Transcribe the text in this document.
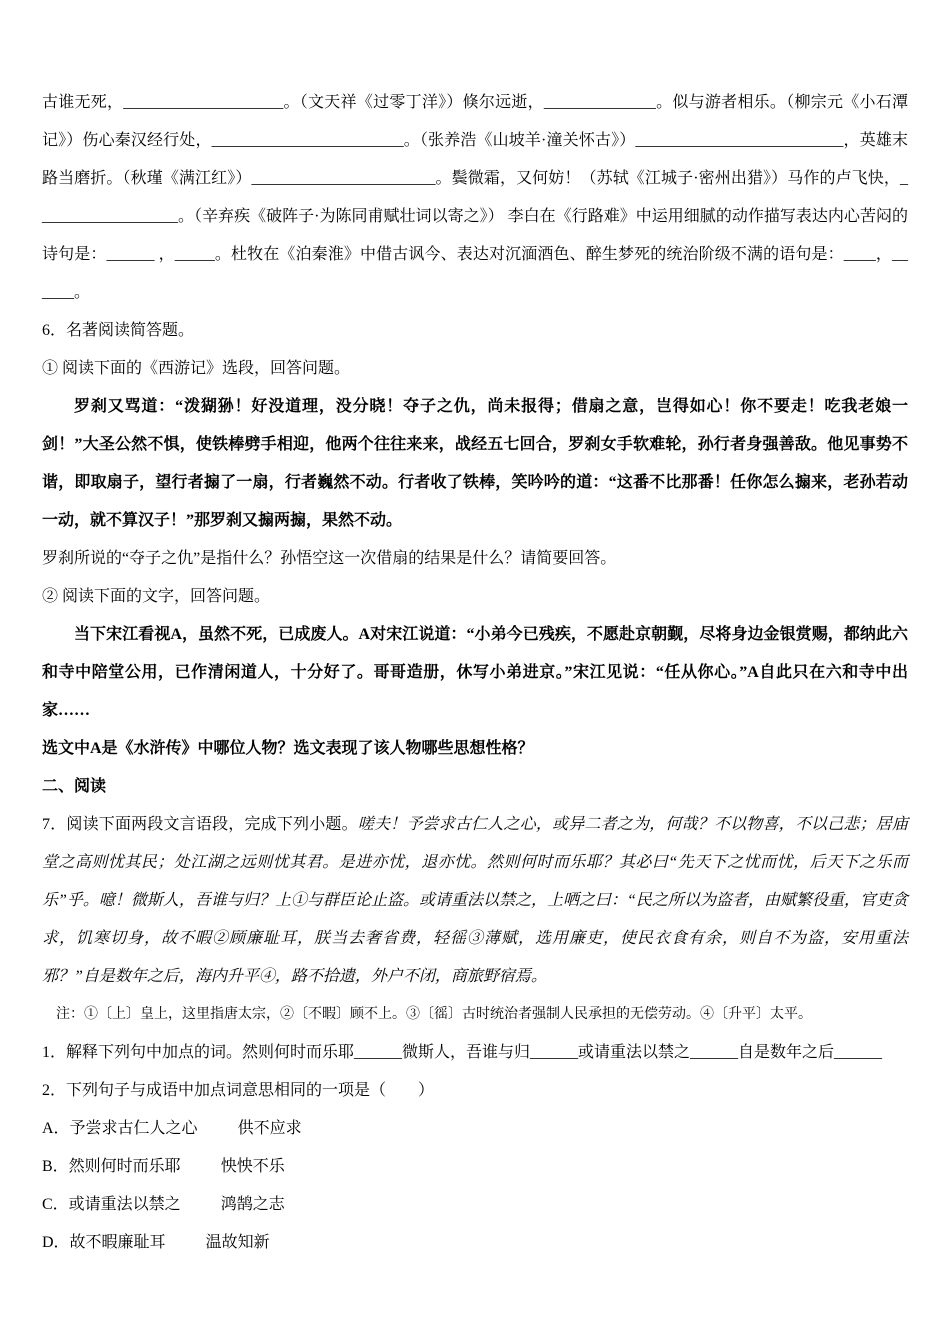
古谁无死，____________________。（文天祥《过零丁洋》）倏尔远逝，______________。似与游者相乐。（柳宗元《小石潭记》）伤心秦汉经行处，________________________。（张养浩《山坡羊·潼关怀古》）__________________________，英雄末路当磨折。（秋瑾《满江红》）_______________________。鬓微霜，又何妨！（苏轼《江城子·密州出猎》）马作的卢飞快，__________________。（辛弃疾《破阵子·为陈同甫赋壮词以寄之》） 李白在《行路难》中运用细腻的动作描写表达内心苦闷的诗句是：______ ，_____。杜牧在《泊秦淮》中借古讽今、表达对沉湎酒色、醉生梦死的统治阶级不满的语句是：____，______。

6．名著阅读简答题。

① 阅读下面的《西游记》选段，回答问题。

罗刹又骂道：“泼猢狲！好没道理，没分晓！夺子之仇，尚未报得；借扇之意，岂得如心！你不要走！吃我老娘一剑！”大圣公然不惧，使铁棒劈手相迎，他两个往往来来，战经五七回合，罗刹女手软难轮，孙行者身强善敌。他见事势不谐，即取扇子，望行者搧了一扇，行者巍然不动。行者收了铁棒，笑吟吟的道：“这番不比那番！任你怎么搧来，老孙若动一动，就不算汉子！”那罗刹又搧两搧，果然不动。

罗刹所说的“夺子之仇”是指什么？孙悟空这一次借扇的结果是什么？请简要回答。

② 阅读下面的文字，回答问题。

当下宋江看视A，虽然不死，已成废人。A对宋江说道：“小弟今已残疾，不愿赴京朝觐，尽将身边金银赏赐，都纳此六和寺中陪堂公用，已作清闲道人，十分好了。哥哥造册，休写小弟进京。”宋江见说：“任从你心。”A自此只在六和寺中出家……

选文中A是《水浒传》中哪位人物？选文表现了该人物哪些思想性格？

二、阅读

7．阅读下面两段文言语段，完成下列小题。嗟夫！予尝求古仁人之心，或异二者之为，何哉？不以物喜，不以己悲；居庙堂之高则忧其民；处江湖之远则忧其君。是进亦忧，退亦忧。然则何时而乐耶？其必曰“先天下之忧而忧，后天下之乐而乐”乎。噫！微斯人，吾谁与归？上①与群臣论止盗。或请重法以禁之，上哂之曰：“民之所以为盗者，由赋繁役重，官吏贪求，饥寒切身，故不暇②顾廉耻耳，朕当去奢省费，轻徭③薄赋，选用廉吏，使民衣食有余，则自不为盗，安用重法邪？”自是数年之后，海内升平④，路不拾遗，外户不闭，商旅野宿焉。

注：①〔上〕皇上，这里指唐太宗，②〔不暇〕顾不上。③〔徭〕古时统治者强制人民承担的无偿劳动。④〔升平〕太平。

1．解释下列句中加点的词。然则何时而乐耶______微斯人，吾谁与归______或请重法以禁之______自是数年之后______

2．下列句子与成语中加点词意思相同的一项是（　　）

A．予尝求古仁人之心	供不应求

B．然则何时而乐耶	怏怏不乐

C．或请重法以禁之	鸿鹄之志

D．故不暇廉耻耳	温故知新
